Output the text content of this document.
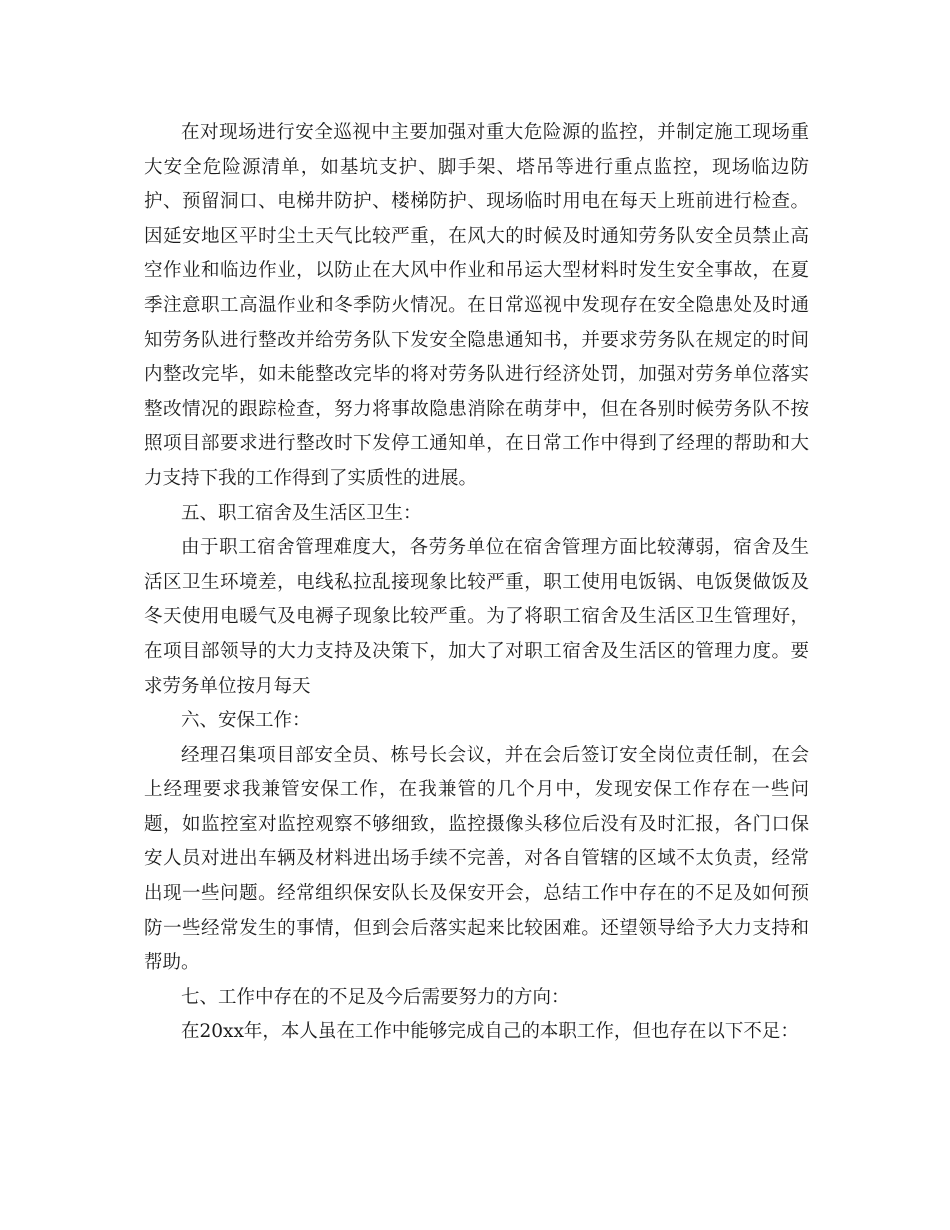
在对现场进行安全巡视中主要加强对重大危险源的监控，并制定施工现场重大安全危险源清单，如基坑支护、脚手架、塔吊等进行重点监控，现场临边防护、预留洞口、电梯井防护、楼梯防护、现场临时用电在每天上班前进行检查。因延安地区平时尘土天气比较严重，在风大的时候及时通知劳务队安全员禁止高空作业和临边作业，以防止在大风中作业和吊运大型材料时发生安全事故，在夏季注意职工高温作业和冬季防火情况。在日常巡视中发现存在安全隐患处及时通知劳务队进行整改并给劳务队下发安全隐患通知书，并要求劳务队在规定的时间内整改完毕，如未能整改完毕的将对劳务队进行经济处罚，加强对劳务单位落实整改情况的跟踪检查，努力将事故隐患消除在萌芽中，但在各别时候劳务队不按照项目部要求进行整改时下发停工通知单，在日常工作中得到了经理的帮助和大力支持下我的工作得到了实质性的进展。

五、职工宿舍及生活区卫生：

由于职工宿舍管理难度大，各劳务单位在宿舍管理方面比较薄弱，宿舍及生活区卫生环境差，电线私拉乱接现象比较严重，职工使用电饭锅、电饭煲做饭及冬天使用电暖气及电褥子现象比较严重。为了将职工宿舍及生活区卫生管理好，在项目部领导的大力支持及决策下，加大了对职工宿舍及生活区的管理力度。要求劳务单位按月每天

六、安保工作：

经理召集项目部安全员、栋号长会议，并在会后签订安全岗位责任制，在会上经理要求我兼管安保工作，在我兼管的几个月中，发现安保工作存在一些问题，如监控室对监控观察不够细致，监控摄像头移位后没有及时汇报，各门口保安人员对进出车辆及材料进出场手续不完善，对各自管辖的区域不太负责，经常出现一些问题。经常组织保安队长及保安开会，总结工作中存在的不足及如何预防一些经常发生的事情，但到会后落实起来比较困难。还望领导给予大力支持和帮助。

七、工作中存在的不足及今后需要努力的方向：

在20xx年，本人虽在工作中能够完成自己的本职工作，但也存在以下不足：
